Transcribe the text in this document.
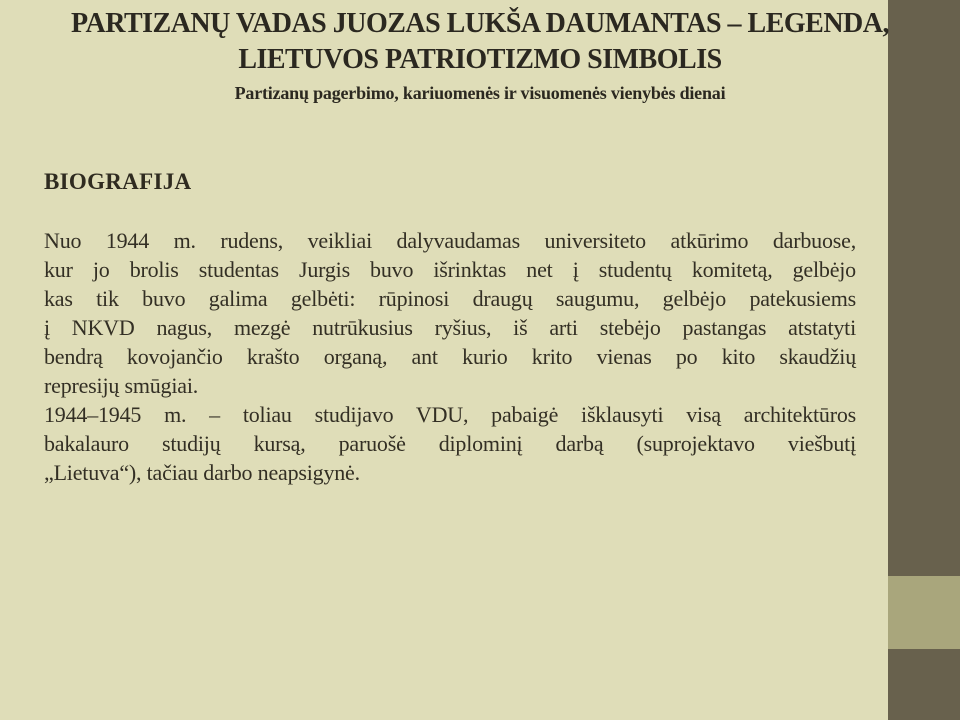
PARTIZANŲ VADAS JUOZAS LUKŠA DAUMANTAS – LEGENDA,
LIETUVOS PATRIOTIZMO SIMBOLIS
Partizanų pagerbimo, kariuomenės ir visuomenės vienybės dienai
BIOGRAFIJA
Nuo 1944 m. rudens, veikliai dalyvaudamas universiteto atkūrimo darbuose,
kur jo brolis studentas Jurgis buvo išrinktas net į studentų komitetą, gelbėjo
kas tik buvo galima gelbėti: rūpinosi draugų saugumu, gelbėjo patekusiems
į NKVD nagus, mezgė nutrūkusius ryšius, iš arti stebėjo pastangas atstatyti
bendrą kovojančio krašto organą, ant kurio krito vienas po kito skaudžių
represijų smūgiai.
1944–1945 m. – toliau studijavo VDU, pabaigė išklausyti visą architektūros
bakalauro studijų kursą, paruošė diplominį darbą (suprojektavo viešbutį
„Lietuva“), tačiau darbo neapsigynė.
